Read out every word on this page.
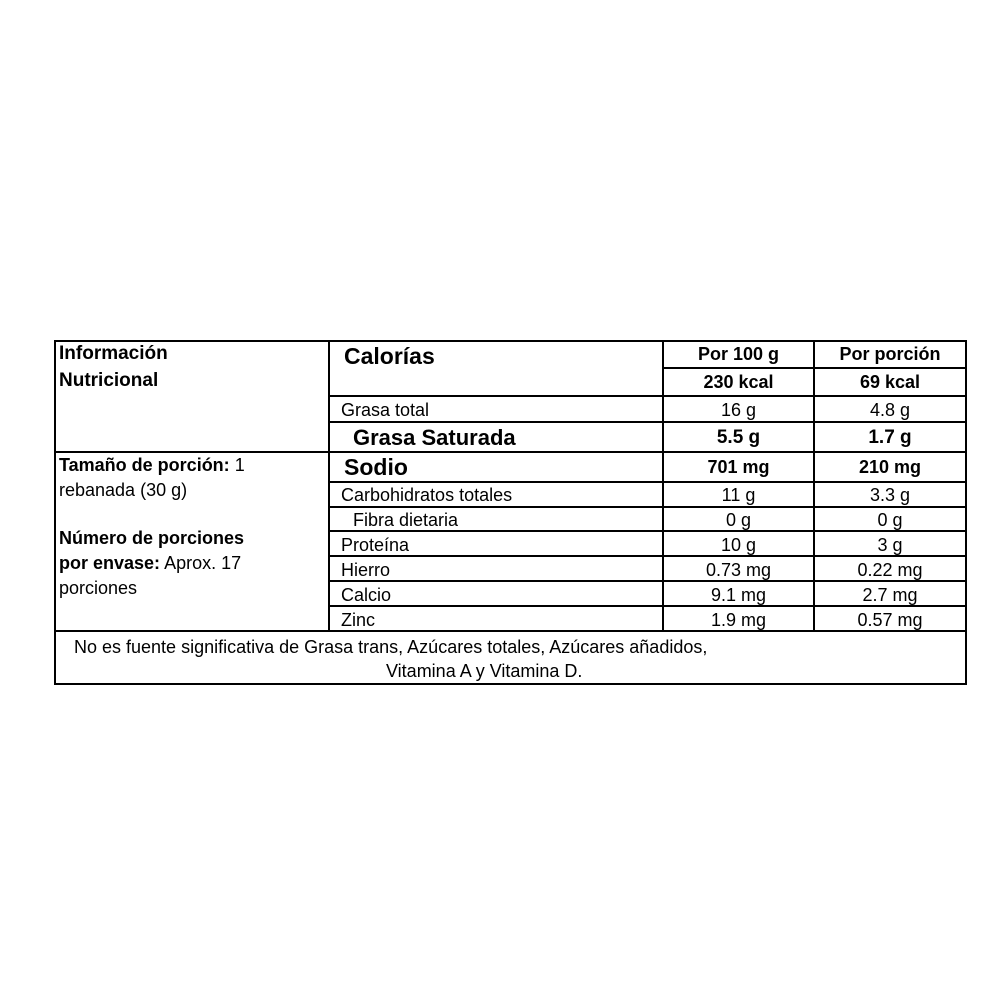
Información
Nutricional
Tamaño de porción: 1
rebanada (30 g)
Número de porciones
por envase: Aprox. 17
porciones
Calorías	Por 100 g	Por porción
230 kcal	69 kcal
Grasa total	16 g	4.8 g
Grasa Saturada	5.5 g	1.7 g
Sodio	701 mg	210 mg
Carbohidratos totales	11 g	3.3 g
Fibra dietaria	0 g	0 g
Proteína	10 g	3 g
Hierro	0.73 mg	0.22 mg
Calcio	9.1 mg	2.7 mg
Zinc	1.9 mg	0.57 mg
No es fuente significativa de Grasa trans, Azúcares totales, Azúcares añadidos,
Vitamina A y Vitamina D.
